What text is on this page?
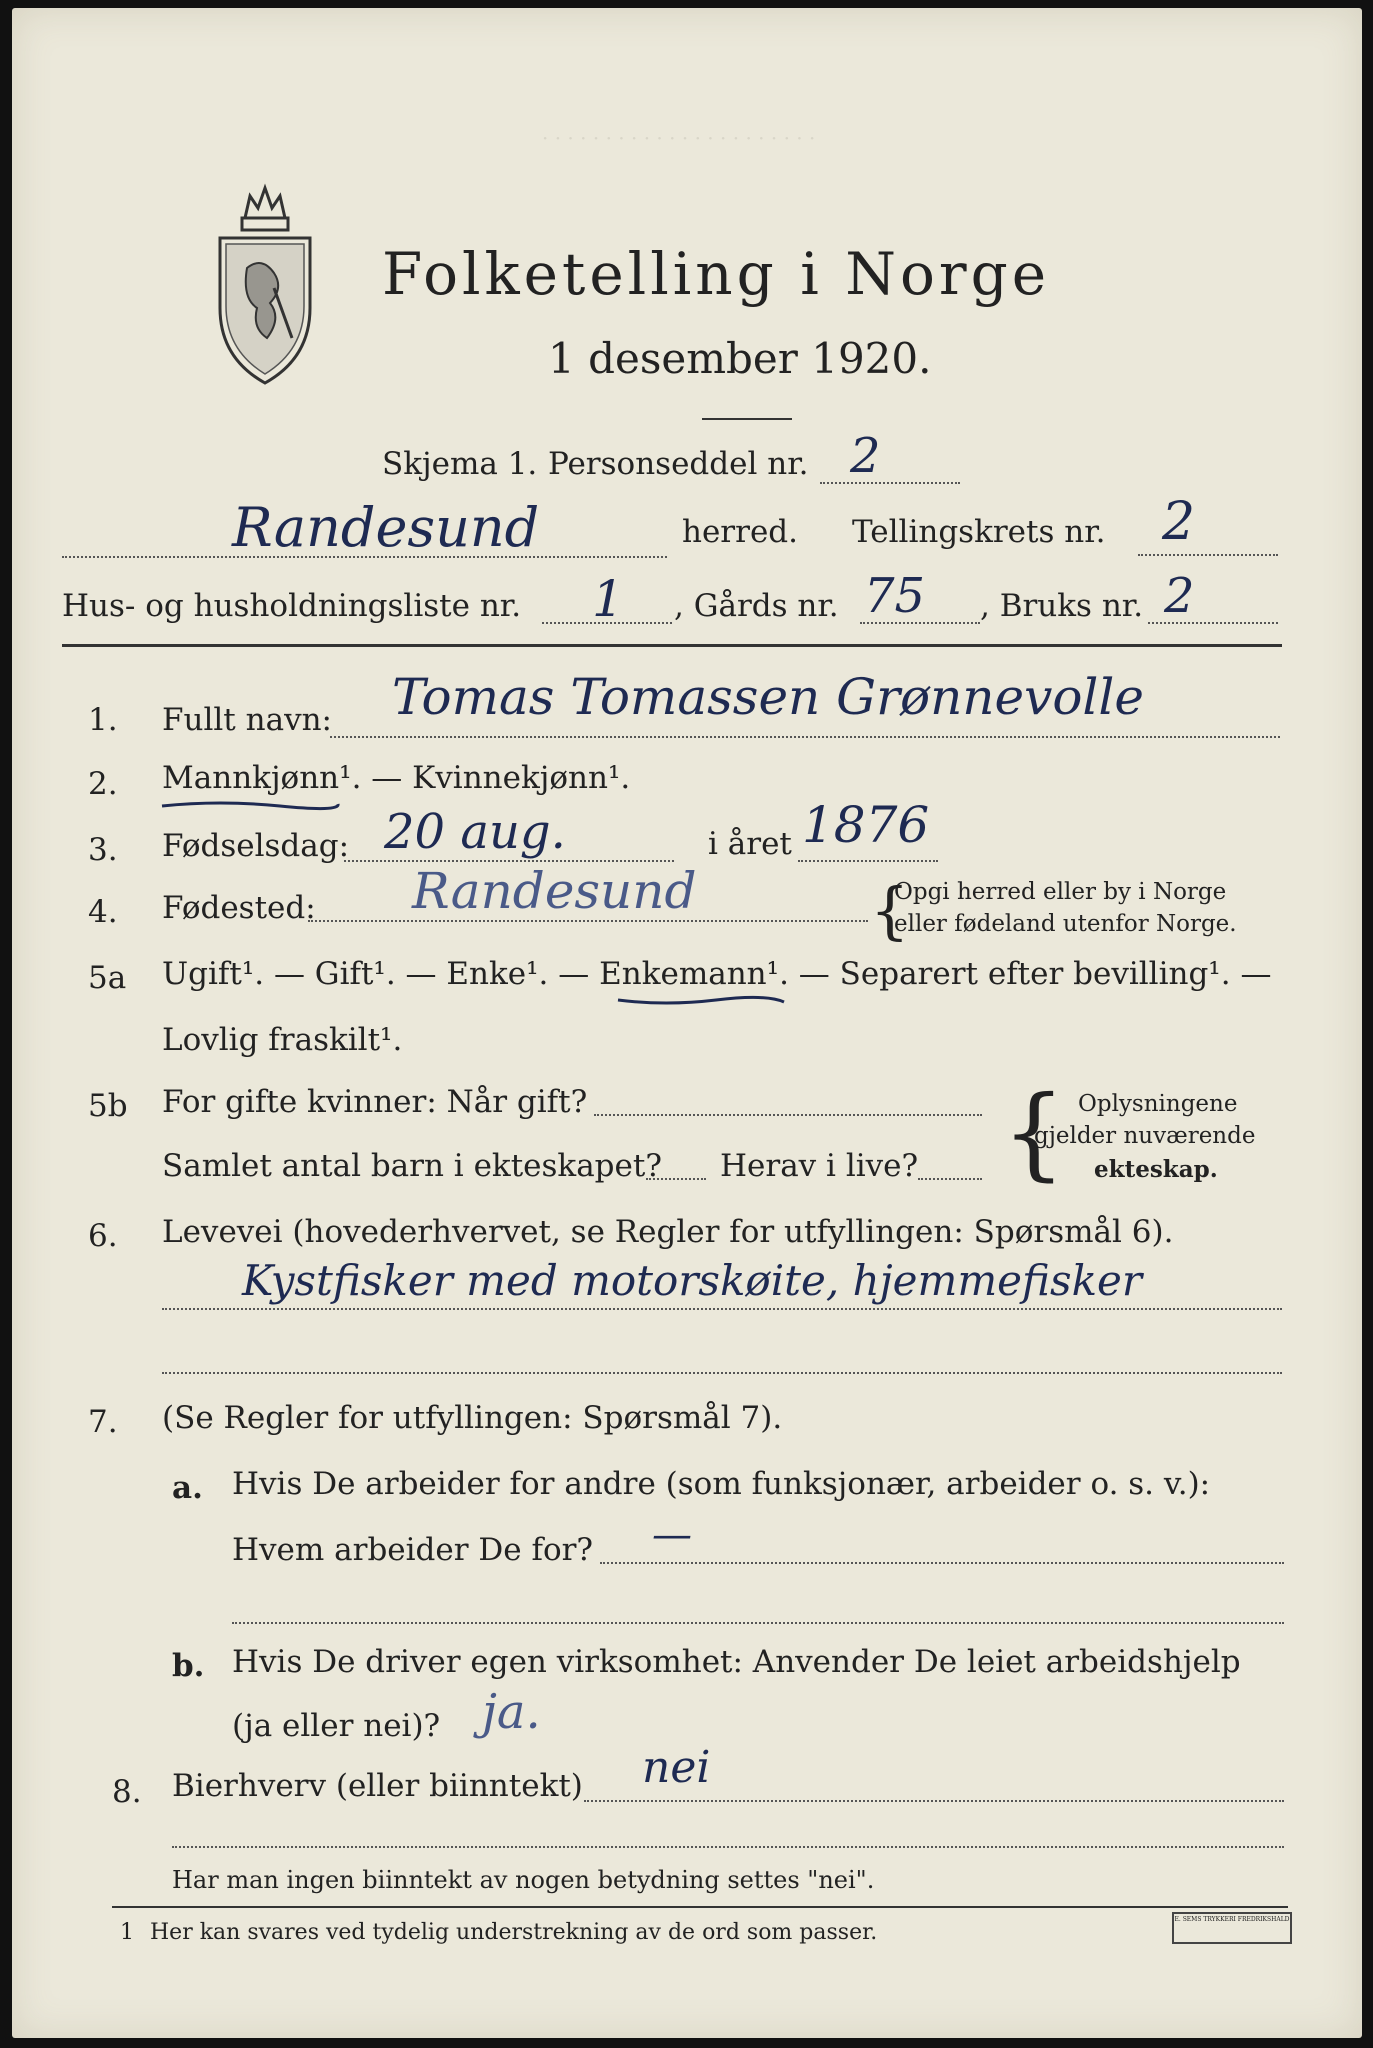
· · · · · · · · · · · · · · · · · · · · · ·
Folketelling i Norge
1 desember 1920.
Skjema 1. Personseddel nr. 2
Randesund	herred. Tellingskrets nr. 2
Hus- og husholdningsliste nr. 1 , Gårds nr. 75 , Bruks nr. 2
1. Fullt navn: Tomas Tomassen Grønnevolle
2. Mannkjønn¹. — Kvinnekjønn¹.
3. Fødselsdag: 20 aug.	i året 1876
4. Fødested: Randesund	{
Opgi herred eller by i Norge
eller fødeland utenfor Norge.
5a Ugift¹. — Gift¹. — Enke¹. — Enkemann¹. — Separert efter bevilling¹. —
Lovlig fraskilt¹.
5b For gifte kvinner: Når gift?
Samlet antal barn i ekteskapet? Herav i live? { Oplysningene
gjelder nuværende
ekteskap.
6. Levevei (hovederhvervet, se Regler for utfyllingen: Spørsmål 6).
Kystfisker med motorskøite, hjemmefisker
7. (Se Regler for utfyllingen: Spørsmål 7).
a. Hvis De arbeider for andre (som funksjonær, arbeider o. s. v.):
Hvem arbeider De for? —
b. Hvis De driver egen virksomhet: Anvender De leiet arbeidshjelp
(ja eller nei)? ja.
8. Bierhverv (eller biinntekt) nei
Har man ingen biinntekt av nogen betydning settes "nei".
1 Her kan svares ved tydelig understrekning av de ord som passer.
E. SEMS TRYKKERI FREDRIKSHALD
